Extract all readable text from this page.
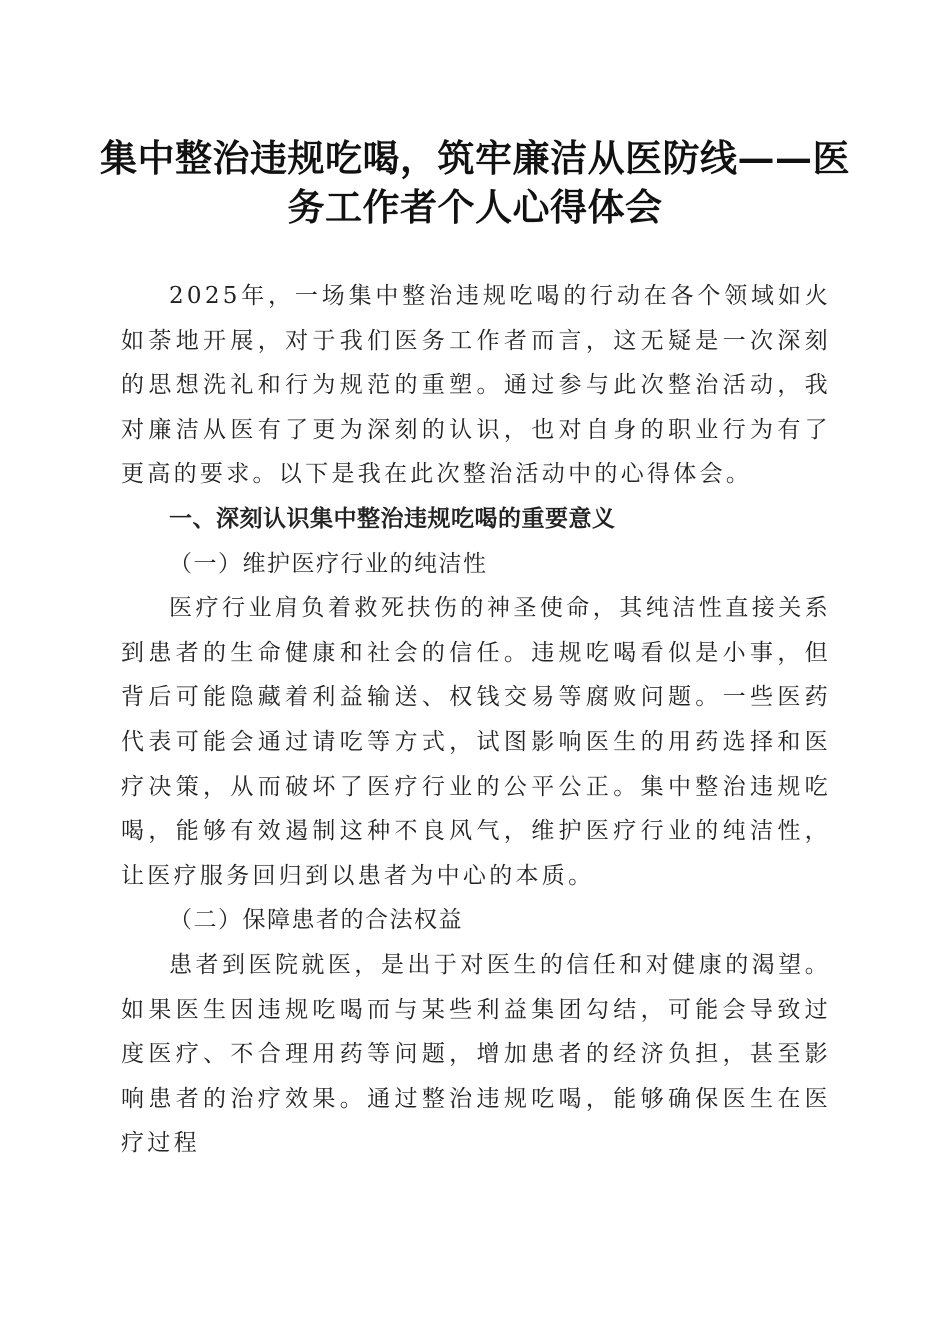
集中整治违规吃喝，筑牢廉洁从医防线——医务工作者个人心得体会

2025年，一场集中整治违规吃喝的行动在各个领域如火如荼地开展，对于我们医务工作者而言，这无疑是一次深刻的思想洗礼和行为规范的重塑。通过参与此次整治活动，我对廉洁从医有了更为深刻的认识，也对自身的职业行为有了更高的要求。以下是我在此次整治活动中的心得体会。

一、深刻认识集中整治违规吃喝的重要意义

（一）维护医疗行业的纯洁性

医疗行业肩负着救死扶伤的神圣使命，其纯洁性直接关系到患者的生命健康和社会的信任。违规吃喝看似是小事，但背后可能隐藏着利益输送、权钱交易等腐败问题。一些医药代表可能会通过请吃等方式，试图影响医生的用药选择和医疗决策，从而破坏了医疗行业的公平公正。集中整治违规吃喝，能够有效遏制这种不良风气，维护医疗行业的纯洁性，让医疗服务回归到以患者为中心的本质。

（二）保障患者的合法权益

患者到医院就医，是出于对医生的信任和对健康的渴望。如果医生因违规吃喝而与某些利益集团勾结，可能会导致过度医疗、不合理用药等问题，增加患者的经济负担，甚至影响患者的治疗效果。通过整治违规吃喝，能够确保医生在医疗过程
